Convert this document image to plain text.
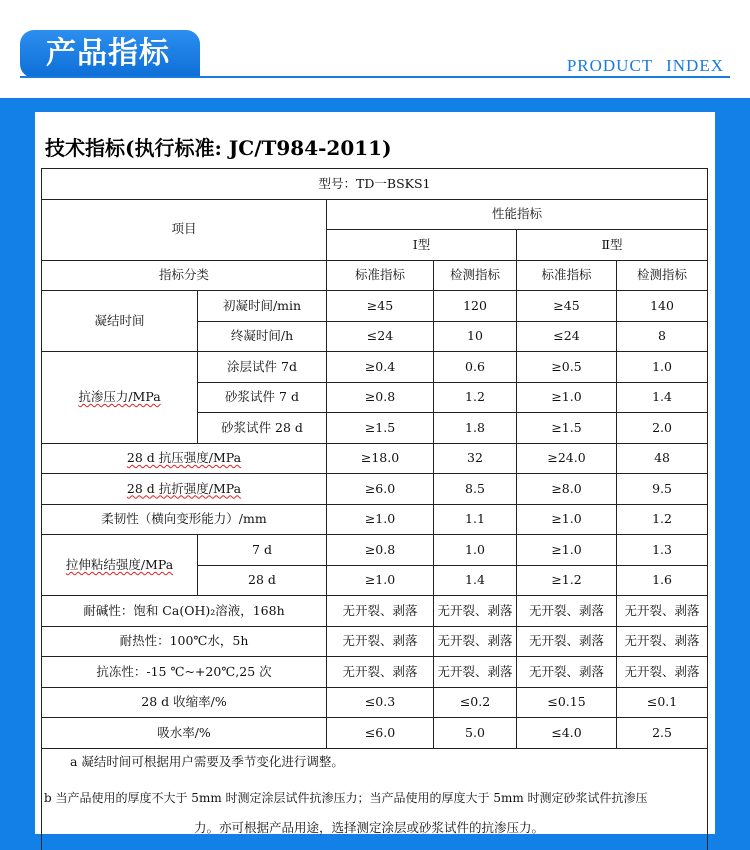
产品指标	PRODUCT INDEX
技术指标(执行标准: JC/T984-2011)
型号：TD一BSKS1					
项目		性能指标			
		Ⅰ型		Ⅱ型	
指标分类		标准指标	检测指标	标准指标	检测指标
凝结时间	初凝时间/min	≥45	120	≥45	140
	终凝时间/h	≤24	10	≤24	8
抗渗压力/MPa	涂层试件 7d	≥0.4	0.6	≥0.5	1.0
	砂浆试件 7 d	≥0.8	1.2	≥1.0	1.4
	砂浆试件 28 d	≥1.5	1.8	≥1.5	2.0
28 d 抗压强度/MPa		≥18.0	32	≥24.0	48
28 d 抗折强度/MPa		≥6.0	8.5	≥8.0	9.5
柔韧性（横向变形能力）/mm		≥1.0	1.1	≥1.0	1.2
拉伸粘结强度/MPa	7 d	≥0.8	1.0	≥1.0	1.3
	28 d	≥1.0	1.4	≥1.2	1.6
耐碱性：饱和 Ca(OH)₂溶液，168h		无开裂、剥落	无开裂、剥落	无开裂、剥落	无开裂、剥落
耐热性：100℃水，5h		无开裂、剥落	无开裂、剥落	无开裂、剥落	无开裂、剥落
抗冻性：-15 ℃~+20℃,25 次		无开裂、剥落	无开裂、剥落	无开裂、剥落	无开裂、剥落
28 d 收缩率/%		≤0.3	≤0.2	≤0.15	≤0.1
吸水率/%		≤6.0	5.0	≤4.0	2.5
a 凝结时间可根据用户需要及季节变化进行调整。					

b 当产品使用的厚度不大于 5mm 时测定涂层试件抗渗压力；当产品使用的厚度大于 5mm 时测定砂浆试件抗渗压
力。亦可根据产品用途，选择测定涂层或砂浆试件的抗渗压力。					
